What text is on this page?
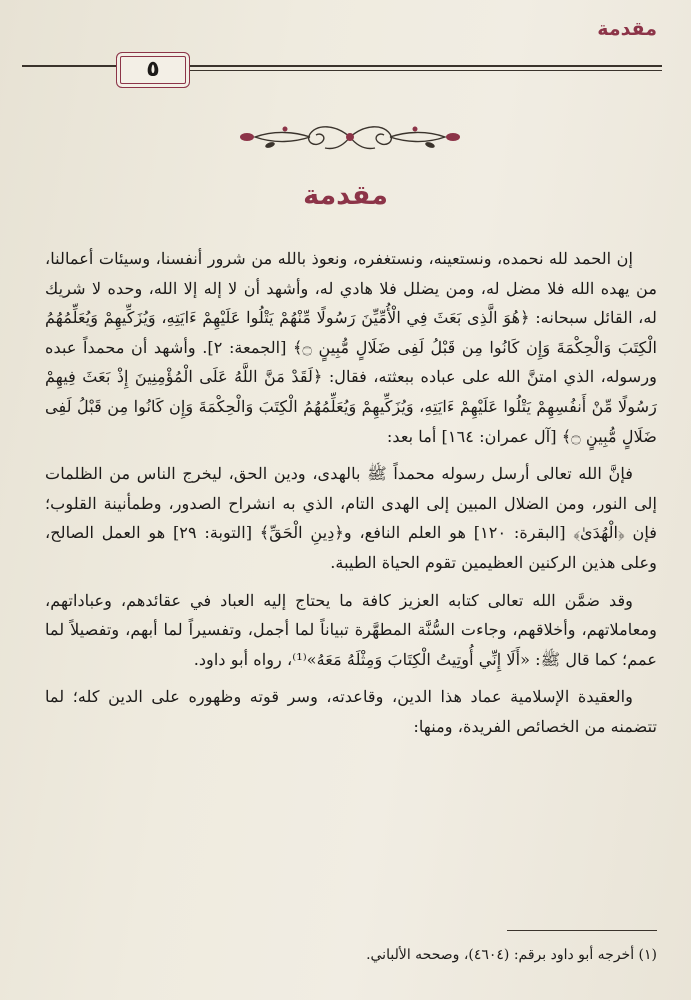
مقدمة
٥
مقدمة

إن الحمد لله نحمده، ونستعينه، ونستغفره، ونعوذ بالله من شرور أنفسنا، وسيئات أعمالنا، من يهده الله فلا مضل له، ومن يضلل فلا هادي له، وأشهد أن لا إله إلا الله، وحده لا شريك له، القائل سبحانه: ﴿هُوَ الَّذِى بَعَثَ فِي الْأُمِّيِّنَ رَسُولًا مِّنْهُمْ يَتْلُوا عَلَيْهِمْ ءَايَتِهِ، وَيُزَكِّيهِمْ وَيُعَلِّمُهُمُ الْكِتَبَ وَالْحِكْمَةَ وَإِن كَانُوا مِن قَبْلُ لَفِى ضَلَالٍ مُّبِينٍ ۝﴾ [الجمعة: ٢]. وأشهد أن محمداً عبده ورسوله، الذي امتنَّ الله على عباده ببعثته، فقال: ﴿لَقَدْ مَنَّ اللَّهُ عَلَى الْمُؤْمِنِينَ إِذْ بَعَثَ فِيهِمْ رَسُولًا مِّنْ أَنفُسِهِمْ يَتْلُوا عَلَيْهِمْ ءَايَتِهِ، وَيُزَكِّيهِمْ وَيُعَلِّمُهُمُ الْكِتَبَ وَالْحِكْمَةَ وَإِن كَانُوا مِن قَبْلُ لَفِى ضَلَالٍ مُّبِينٍ ۝﴾ [آل عمران: ١٦٤] أما بعد:

فإنَّ الله تعالى أرسل رسوله محمداً ﷺ بالهدى، ودين الحق، ليخرج الناس من الظلمات إلى النور، ومن الضلال المبين إلى الهدى التام، الذي به انشراح الصدور، وطمأنينة القلوب؛ فإن ﴿الْهُدَىٰ﴾ [البقرة: ١٢٠] هو العلم النافع، و﴿دِينِ الْحَقِّ﴾ [التوبة: ٢٩] هو العمل الصالح، وعلى هذين الركنين العظيمين تقوم الحياة الطيبة.

وقد ضمَّن الله تعالى كتابه العزيز كافة ما يحتاج إليه العباد في عقائدهم، وعباداتهم، ومعاملاتهم، وأخلاقهم، وجاءت السُّنَّة المطهَّرة تبياناً لما أجمل، وتفسيراً لما أبهم، وتفصيلاً لما عمم؛ كما قال ﷺ: «أَلَا إِنِّي أُوتِيتُ الْكِتَابَ وَمِثْلَهُ مَعَهُ»⁽¹⁾، رواه أبو داود.

والعقيدة الإسلامية عماد هذا الدين، وقاعدته، وسر قوته وظهوره على الدين كله؛ لما تتضمنه من الخصائص الفريدة، ومنها:

(١) أخرجه أبو داود برقم: (٤٦٠٤)، وصححه الألباني.
